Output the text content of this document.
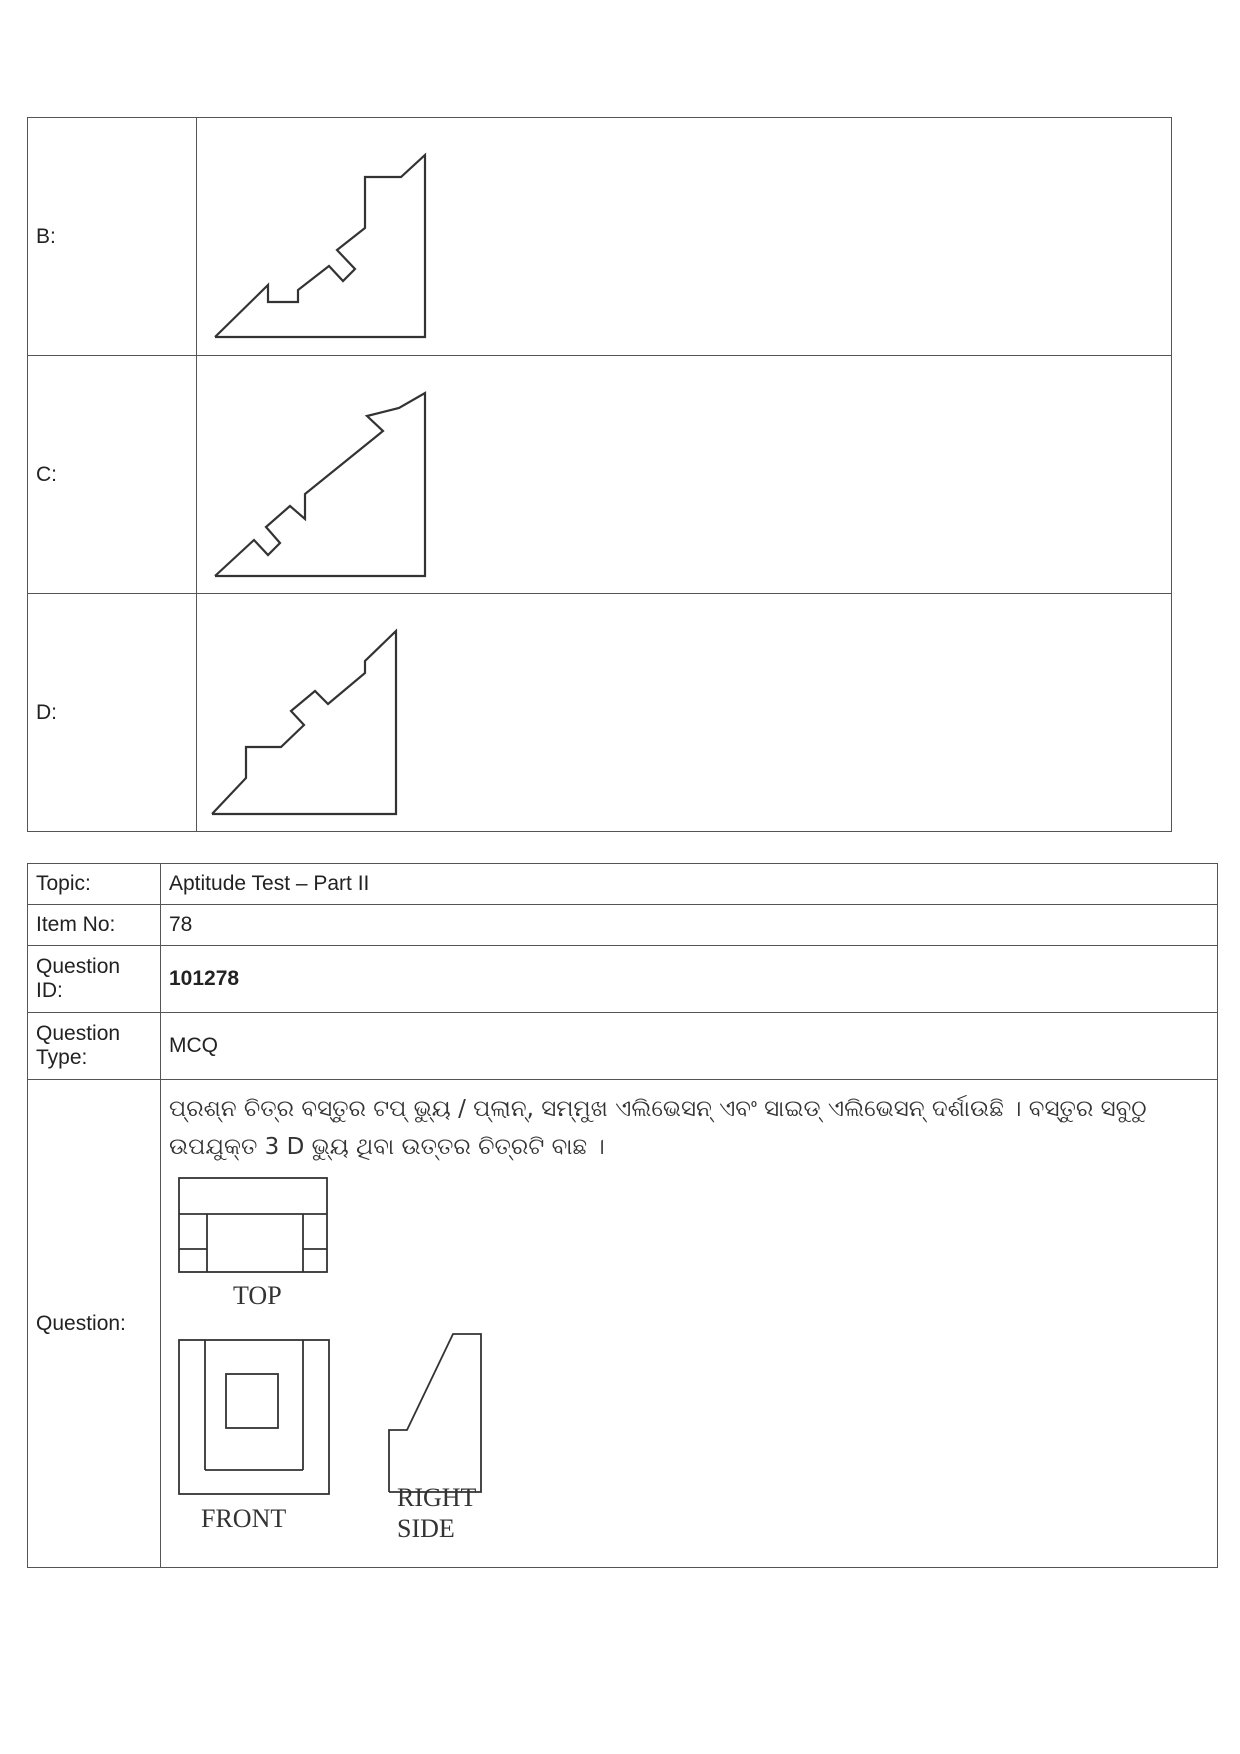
B:	

C:	

D:	
Topic:	Aptitude Test – Part II
Item No:	78

Question
ID:	101278

Question
Type:	MCQ
Question:	ପ୍ରଶ୍ନ ଚିତ୍ର ବସ୍ତୁର ଟପ୍ ଭ୍ୟୁ / ପ୍ଲାନ୍, ସମ୍ମୁଖ ଏଲିଭେସନ୍ ଏବଂ ସାଇଡ୍ ଏଲିଭେସନ୍ ଦର୍ଶାଉଛି । ବସ୍ତୁର ସବୁଠୁ ଉପଯୁକ୍ତ 3 D ଭ୍ୟୁ ଥିବା ଉତ୍ତର ଚିତ୍ରଟି ବାଛ ।
TOP
FRONT
RIGHT
SIDE
